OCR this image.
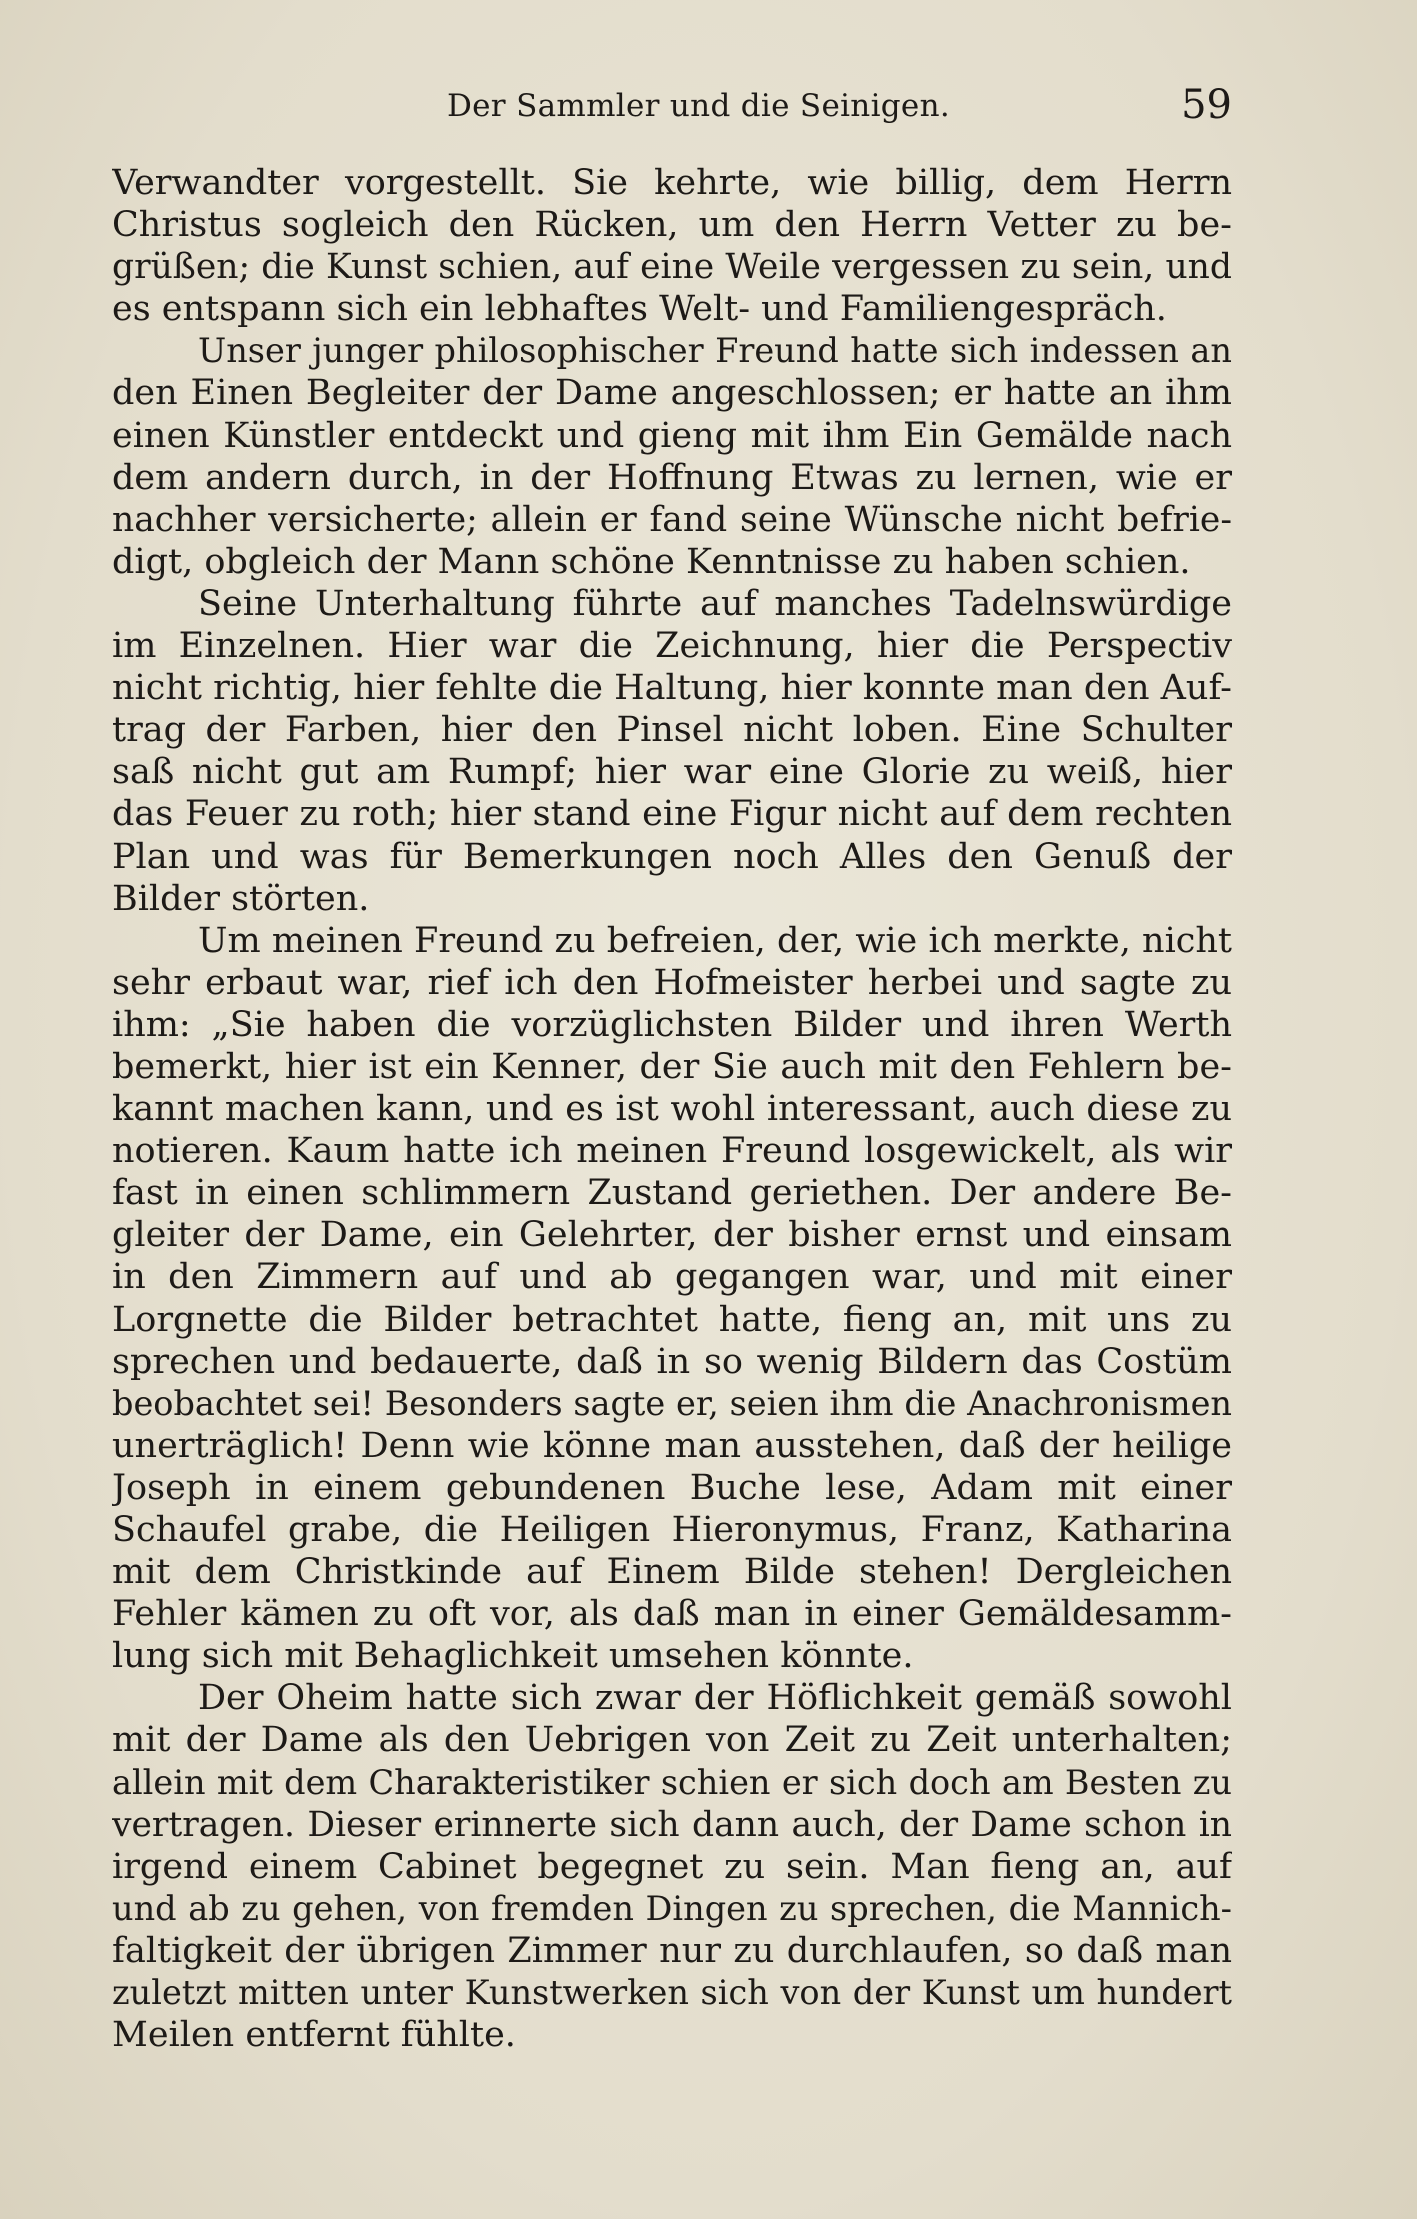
Der Sammler und die Seinigen.	59
Verwandter vorgestellt. Sie kehrte, wie billig, dem Herrn
Christus sogleich den Rücken, um den Herrn Vetter zu be-
grüßen; die Kunst schien, auf eine Weile vergessen zu sein, und
es entspann sich ein lebhaftes Welt- und Familiengespräch.
Unser junger philosophischer Freund hatte sich indessen an
den Einen Begleiter der Dame angeschlossen; er hatte an ihm
einen Künstler entdeckt und gieng mit ihm Ein Gemälde nach
dem andern durch, in der Hoffnung Etwas zu lernen, wie er
nachher versicherte; allein er fand seine Wünsche nicht befrie-
digt, obgleich der Mann schöne Kenntnisse zu haben schien.
Seine Unterhaltung führte auf manches Tadelnswürdige
im Einzelnen. Hier war die Zeichnung, hier die Perspectiv
nicht richtig, hier fehlte die Haltung, hier konnte man den Auf-
trag der Farben, hier den Pinsel nicht loben. Eine Schulter
saß nicht gut am Rumpf; hier war eine Glorie zu weiß, hier
das Feuer zu roth; hier stand eine Figur nicht auf dem rechten
Plan und was für Bemerkungen noch Alles den Genuß der
Bilder störten.
Um meinen Freund zu befreien, der, wie ich merkte, nicht
sehr erbaut war, rief ich den Hofmeister herbei und sagte zu
ihm: „Sie haben die vorzüglichsten Bilder und ihren Werth
bemerkt, hier ist ein Kenner, der Sie auch mit den Fehlern be-
kannt machen kann, und es ist wohl interessant, auch diese zu
notieren. Kaum hatte ich meinen Freund losgewickelt, als wir
fast in einen schlimmern Zustand geriethen. Der andere Be-
gleiter der Dame, ein Gelehrter, der bisher ernst und einsam
in den Zimmern auf und ab gegangen war, und mit einer
Lorgnette die Bilder betrachtet hatte, fieng an, mit uns zu
sprechen und bedauerte, daß in so wenig Bildern das Costüm
beobachtet sei! Besonders sagte er, seien ihm die Anachronismen
unerträglich! Denn wie könne man ausstehen, daß der heilige
Joseph in einem gebundenen Buche lese, Adam mit einer
Schaufel grabe, die Heiligen Hieronymus, Franz, Katharina
mit dem Christkinde auf Einem Bilde stehen! Dergleichen
Fehler kämen zu oft vor, als daß man in einer Gemäldesamm-
lung sich mit Behaglichkeit umsehen könnte.
Der Oheim hatte sich zwar der Höflichkeit gemäß sowohl
mit der Dame als den Uebrigen von Zeit zu Zeit unterhalten;
allein mit dem Charakteristiker schien er sich doch am Besten zu
vertragen. Dieser erinnerte sich dann auch, der Dame schon in
irgend einem Cabinet begegnet zu sein. Man fieng an, auf
und ab zu gehen, von fremden Dingen zu sprechen, die Mannich-
faltigkeit der übrigen Zimmer nur zu durchlaufen, so daß man
zuletzt mitten unter Kunstwerken sich von der Kunst um hundert
Meilen entfernt fühlte.
